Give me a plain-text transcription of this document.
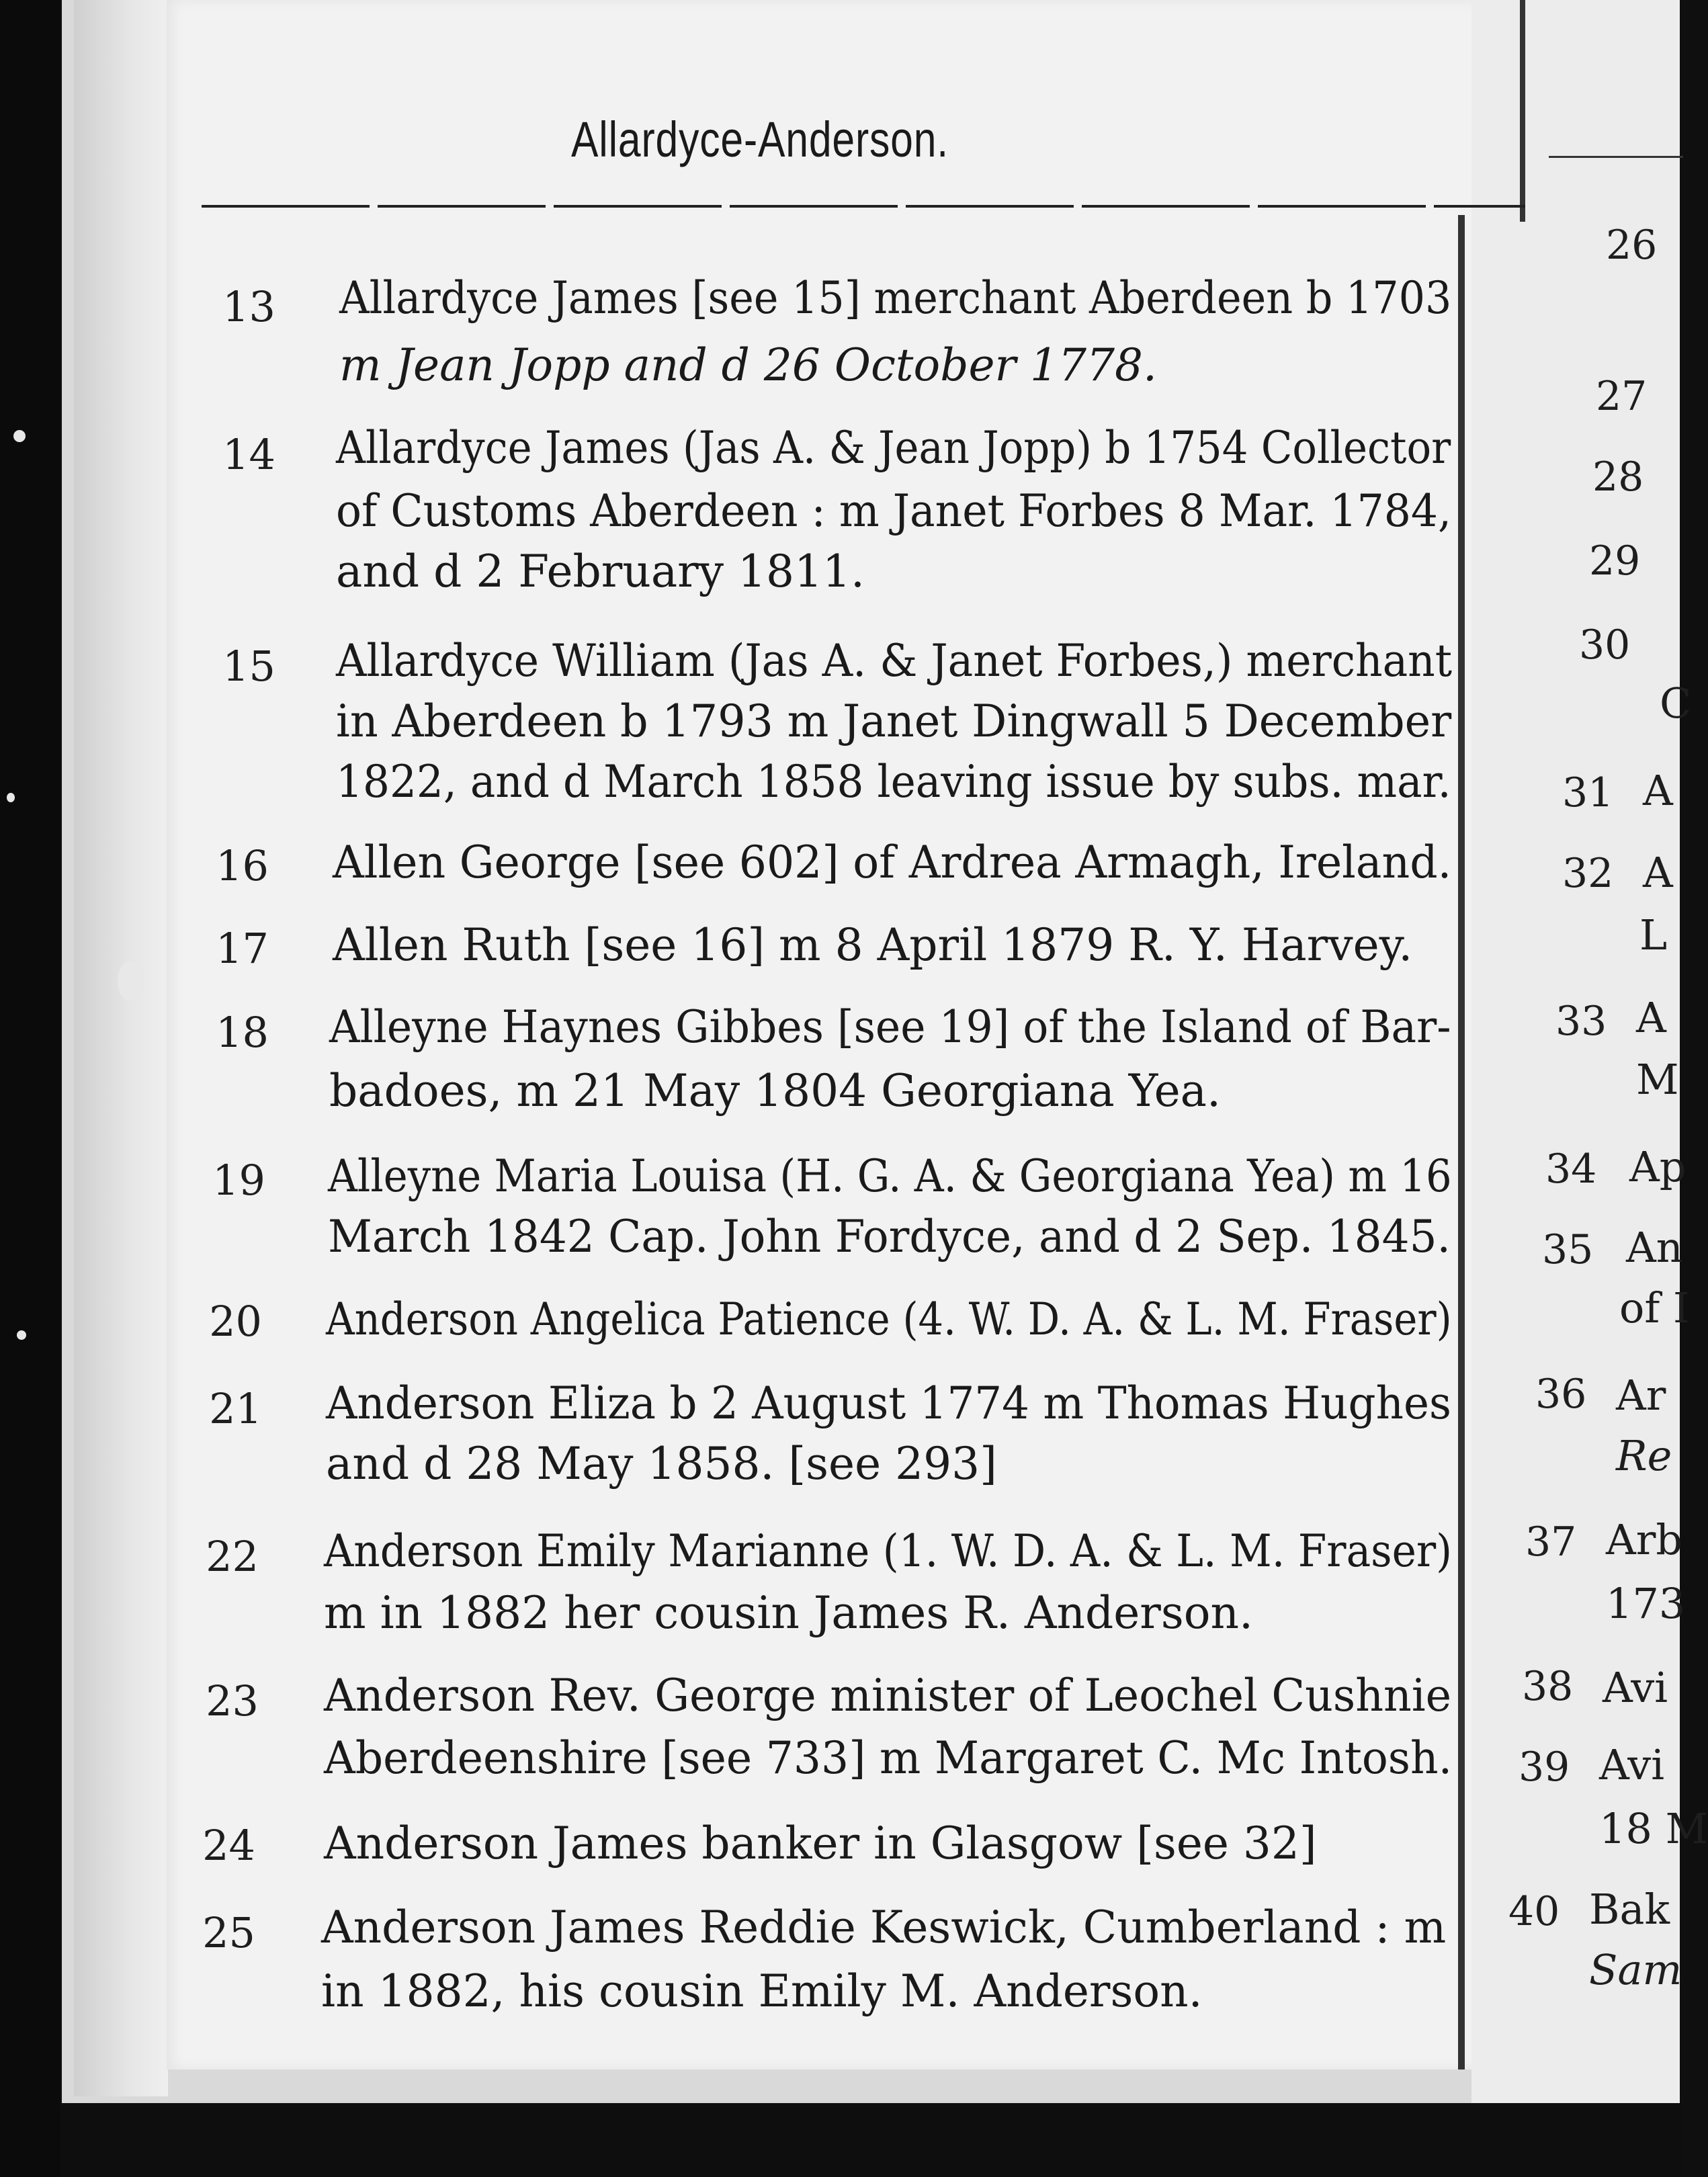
Allardyce-Anderson.
13 Allardyce James [see 15] merchant Aberdeen b 1703
m Jean Jopp and d 26 October 1778.
14 Allardyce James (Jas A. & Jean Jopp) b 1754 Collector
of Customs Aberdeen : m Janet Forbes 8 Mar. 1784,
and d 2 February 1811.
15 Allardyce William (Jas A. & Janet Forbes,) merchant
in Aberdeen b 1793 m Janet Dingwall 5 December
1822, and d March 1858 leaving issue by subs. mar.
16 Allen George [see 602] of Ardrea Armagh, Ireland.
17 Allen Ruth [see 16] m 8 April 1879 R. Y. Harvey.
18 Alleyne Haynes Gibbes [see 19] of the Island of Bar-
badoes, m 21 May 1804 Georgiana Yea.
19 Alleyne Maria Louisa (H. G. A. & Georgiana Yea) m 16
March 1842 Cap. John Fordyce, and d 2 Sep. 1845.
20 Anderson Angelica Patience (4. W. D. A. & L. M. Fraser)
21 Anderson Eliza b 2 August 1774 m Thomas Hughes
and d 28 May 1858. [see 293]
22 Anderson Emily Marianne (1. W. D. A. & L. M. Fraser)
m in 1882 her cousin James R. Anderson.
23 Anderson Rev. George minister of Leochel Cushnie
Aberdeenshire [see 733] m Margaret C. Mc Intosh.
24 Anderson James banker in Glasgow [see 32]
25 Anderson James Reddie Keswick, Cumberland : m
in 1882, his cousin Emily M. Anderson.
26
27
28
29
30
C
31 A
32 A
L
33 A
M
34 Ap
35 An
of I
36 Ar
Re
37 Arb
173
38 Avi
39 Avi
18 M
40 Bak
Sam
